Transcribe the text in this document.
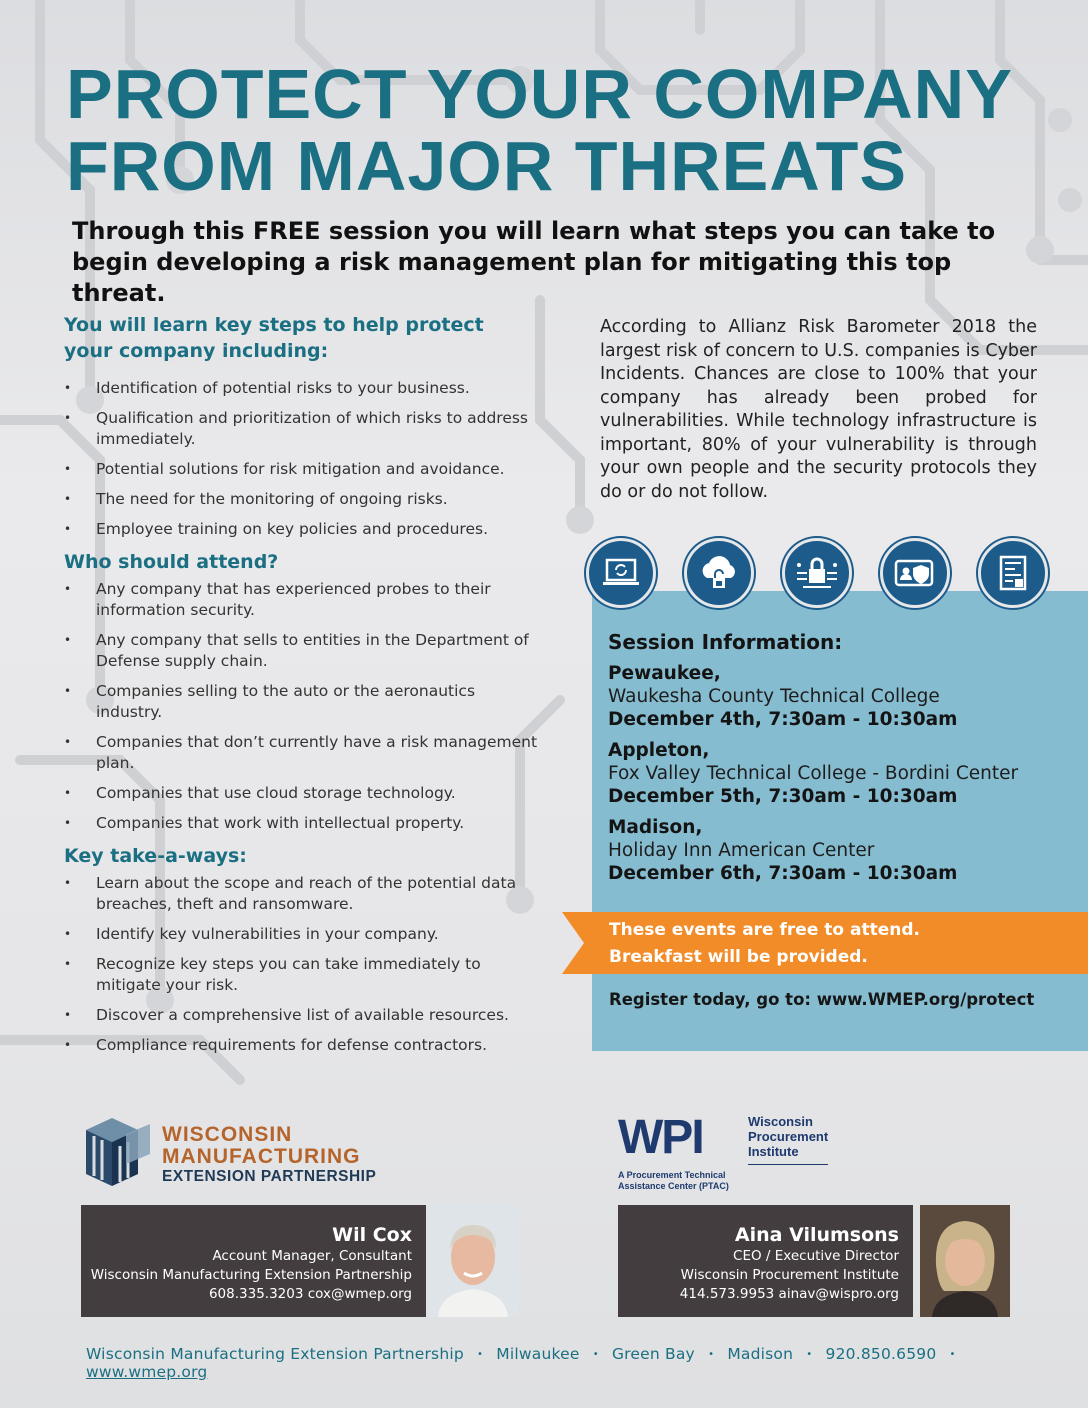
PROTECT YOUR COMPANY
FROM MAJOR THREATS
Through this FREE session you will learn what steps you can take to begin developing a risk management plan for mitigating this top threat.
You will learn key steps to help protect your company including:
• Identification of potential risks to your business.
• Qualification and prioritization of which risks to address immediately.
• Potential solutions for risk mitigation and avoidance.
• The need for the monitoring of ongoing risks.
• Employee training on key policies and procedures.
Who should attend?
• Any company that has experienced probes to their information security.
• Any company that sells to entities in the Department of Defense supply chain.
• Companies selling to the auto or the aeronautics industry.
• Companies that don’t currently have a risk management plan.
• Companies that use cloud storage technology.
• Companies that work with intellectual property.
Key take-a-ways:
• Learn about the scope and reach of the potential data breaches, theft and ransomware.
• Identify key vulnerabilities in your company.
• Recognize key steps you can take immediately to mitigate your risk.
• Discover a comprehensive list of available resources.
• Compliance requirements for defense contractors.
According to Allianz Risk Barometer 2018 the largest risk of concern to U.S. companies is Cyber Incidents. Chances are close to 100% that your company has already been probed for vulnerabilities. While technology infrastructure is important, 80% of your vulnerability is through your own people and the security protocols they do or do not follow.
Session Information:
Pewaukee,
Waukesha County Technical College
December 4th, 7:30am - 10:30am
Appleton,
Fox Valley Technical College - Bordini Center
December 5th, 7:30am - 10:30am
Madison,
Holiday Inn American Center
December 6th, 7:30am - 10:30am
These events are free to attend.
Breakfast will be provided.
Register today, go to: www.WMEP.org/protect
WISCONSIN
MANUFACTURING
EXTENSION PARTNERSHIP
WPI	Wisconsin
Procurement
Institute
A Procurement Technical
Assistance Center (PTAC)
Wil Cox
Account Manager, Consultant
Wisconsin Manufacturing Extension Partnership
608.335.3203 cox@wmep.org
Aina Vilumsons
CEO / Executive Director
Wisconsin Procurement Institute
414.573.9953 ainav@wispro.org
Wisconsin Manufacturing Extension Partnership • Milwaukee • Green Bay • Madison • 920.850.6590 • www.wmep.org
